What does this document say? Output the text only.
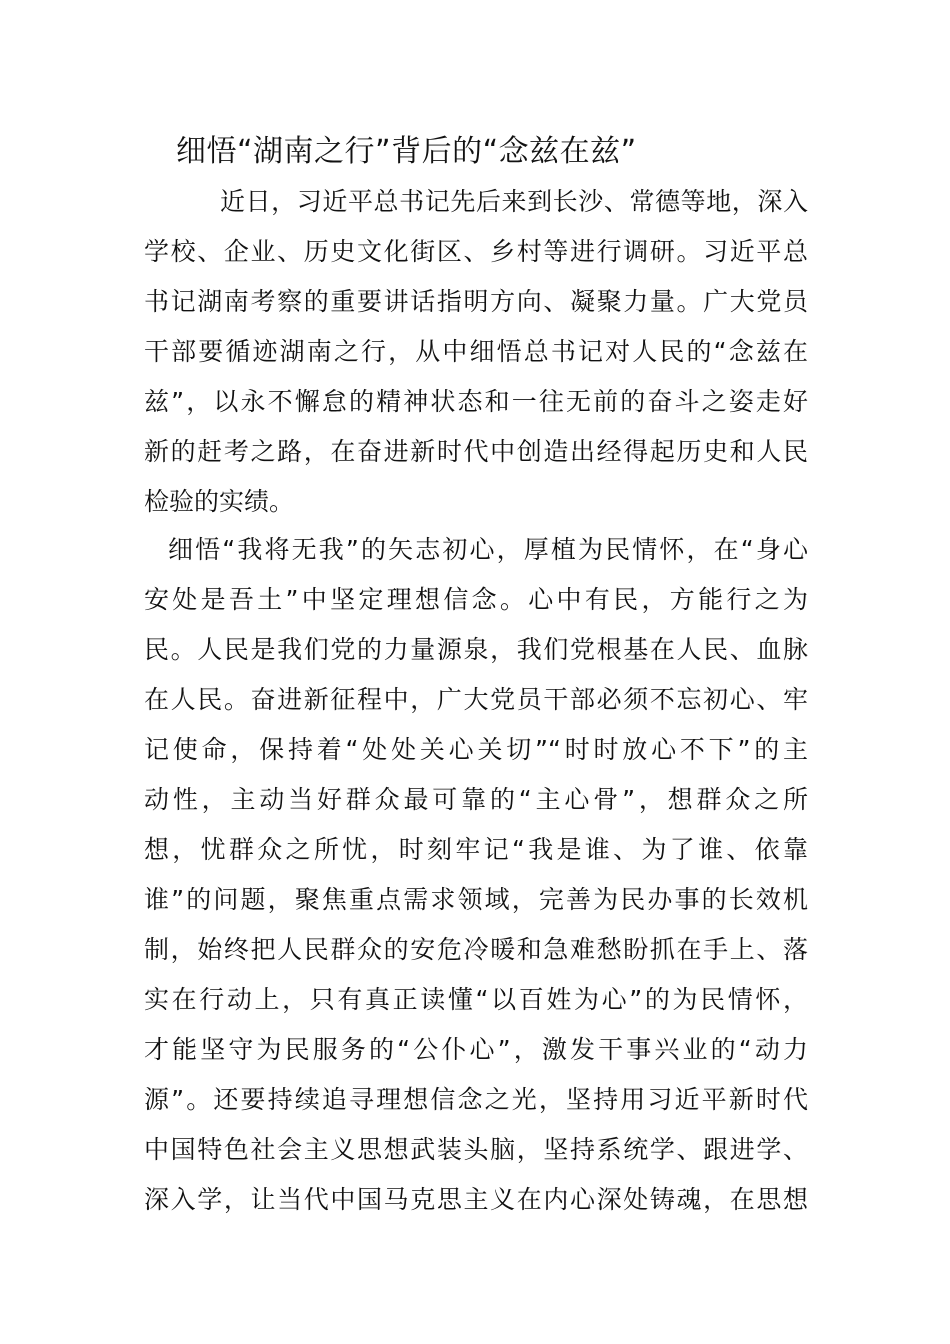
细悟“湖南之行”背后的“念兹在兹”
近日，习近平总书记先后来到长沙、常德等地，深入
学校、企业、历史文化街区、乡村等进行调研。习近平总
书记湖南考察的重要讲话指明方向、凝聚力量。广大党员
干部要循迹湖南之行，从中细悟总书记对人民的“念兹在
兹”，以永不懈怠的精神状态和一往无前的奋斗之姿走好
新的赶考之路，在奋进新时代中创造出经得起历史和人民
检验的实绩。
细悟“我将无我”的矢志初心，厚植为民情怀，在“身心
安处是吾土”中坚定理想信念。心中有民，方能行之为
民。人民是我们党的力量源泉，我们党根基在人民、血脉
在人民。奋进新征程中，广大党员干部必须不忘初心、牢
记使命，保持着“处处关心关切”“时时放心不下”的主
动性，主动当好群众最可靠的“主心骨”，想群众之所
想，忧群众之所忧，时刻牢记“我是谁、为了谁、依靠
谁”的问题，聚焦重点需求领域，完善为民办事的长效机
制，始终把人民群众的安危冷暖和急难愁盼抓在手上、落
实在行动上，只有真正读懂“以百姓为心”的为民情怀，
才能坚守为民服务的“公仆心”，激发干事兴业的“动力
源”。还要持续追寻理想信念之光，坚持用习近平新时代
中国特色社会主义思想武装头脑，坚持系统学、跟进学、
深入学，让当代中国马克思主义在内心深处铸魂，在思想
